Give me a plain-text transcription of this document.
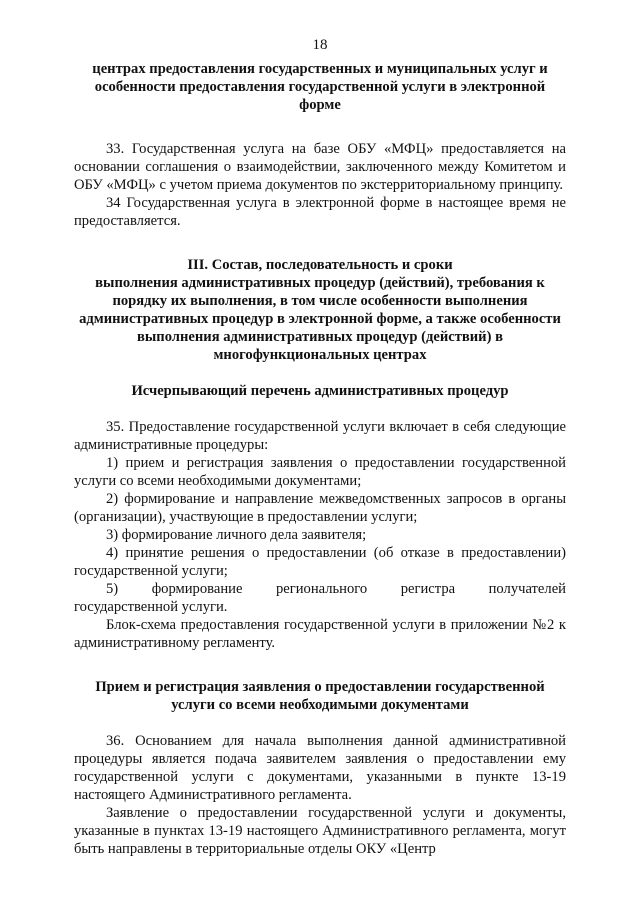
18

центрах предоставления государственных и муниципальных услуг и особенности предоставления государственной услуги в электронной форме

33. Государственная услуга на базе ОБУ «МФЦ» предоставляется на основании соглашения о взаимодействии, заключенного между Комитетом и ОБУ «МФЦ» с учетом приема документов по экстерриториальному принципу.

34 Государственная услуга в электронной форме в настоящее время не предоставляется.

III. Состав, последовательность и сроки

выполнения административных процедур (действий), требования к порядку их выполнения, в том числе особенности выполнения административных процедур в электронной форме, а также особенности выполнения административных процедур (действий) в многофункциональных центрах

Исчерпывающий перечень административных процедур

35. Предоставление государственной услуги включает в себя следующие административные процедуры:

1) прием и регистрация заявления о предоставлении государственной услуги со всеми необходимыми документами;

2) формирование и направление межведомственных запросов в органы (организации), участвующие в предоставлении услуги;

3) формирование личного дела заявителя;

4) принятие решения о предоставлении (об отказе в предоставлении) государственной услуги;

5) формирование регионального регистра получателей

государственной услуги.

Блок-схема предоставления государственной услуги в приложении №2 к административному регламенту.

Прием и регистрация заявления о предоставлении государственной услуги со всеми необходимыми документами

36. Основанием для начала выполнения данной административной процедуры является подача заявителем заявления о предоставлении ему государственной услуги с документами, указанными в пункте 13-19 настоящего Административного регламента.

Заявление о предоставлении государственной услуги и документы, указанные в пунктах 13-19 настоящего Административного регламента, могут быть направлены в территориальные отделы ОКУ «Центр
